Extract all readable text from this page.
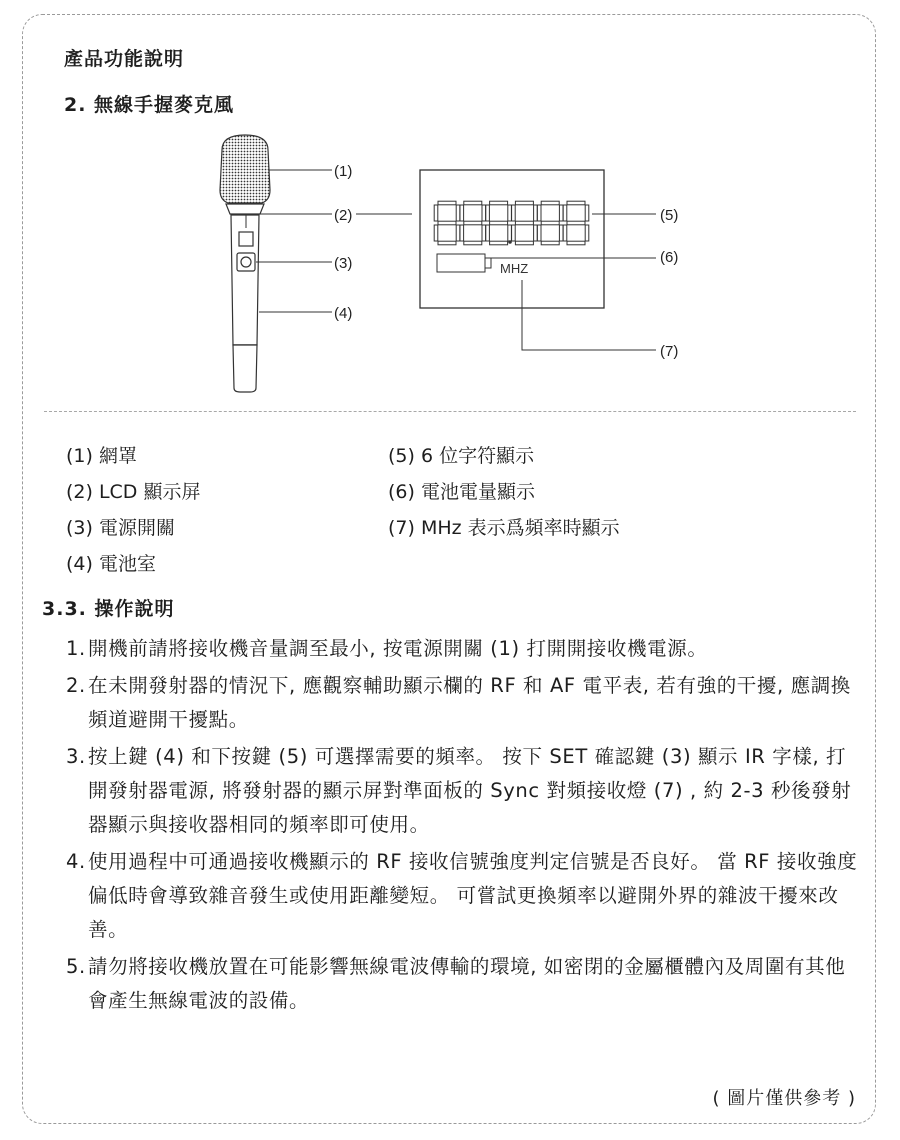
產品功能說明
2. 無線手握麥克風
(1)
(2)
(3)
(4)
MHZ
(5)
(6)
(7)
(1) 網罩
(2) LCD 顯示屏
(3) 電源開關
(4) 電池室
(5) 6 位字符顯示
(6) 電池電量顯示
(7) MHz 表示爲頻率時顯示
3.3. 操作說明
1. 開機前請將接收機音量調至最小, 按電源開關 (1) 打開開接收機電源。
2. 在未開發射器的情況下, 應觀察輔助顯示欄的 RF 和 AF 電平表, 若有強的干擾, 應調換頻道避開干擾點。
3. 按上鍵 (4) 和下按鍵 (5) 可選擇需要的頻率。 按下 SET 確認鍵 (3) 顯示 IR 字樣, 打開發射器電源, 將發射器的顯示屏對準面板的 Sync 對頻接收燈 (7) , 約 2-3 秒後發射器顯示與接收器相同的頻率即可使用。
4. 使用過程中可通過接收機顯示的 RF 接收信號強度判定信號是否良好。 當 RF 接收強度偏低時會導致雜音發生或使用距離變短。 可嘗試更換頻率以避開外界的雜波干擾來改善。
5. 請勿將接收機放置在可能影響無線電波傳輸的環境, 如密閉的金屬櫃體內及周圍有其他會產生無線電波的設備。
( 圖片僅供參考 )
